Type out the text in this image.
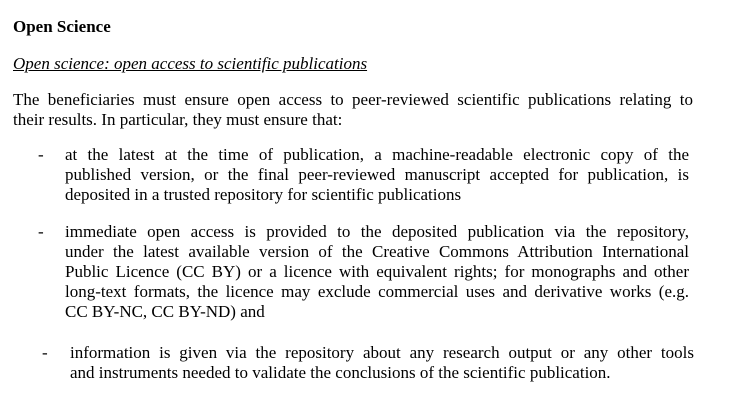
Open Science
Open science: open access to scientific publications
The beneficiaries must ensure open access to peer-reviewed scientific publications relating to
their results. In particular, they must ensure that:
- at the latest at the time of publication, a machine-readable electronic copy of the
published version, or the final peer-reviewed manuscript accepted for publication, is
deposited in a trusted repository for scientific publications
- immediate open access is provided to the deposited publication via the repository,
under the latest available version of the Creative Commons Attribution International
Public Licence (CC BY) or a licence with equivalent rights; for monographs and other
long-text formats, the licence may exclude commercial uses and derivative works (e.g.
CC BY-NC, CC BY-ND) and
- information is given via the repository about any research output or any other tools
and instruments needed to validate the conclusions of the scientific publication.
